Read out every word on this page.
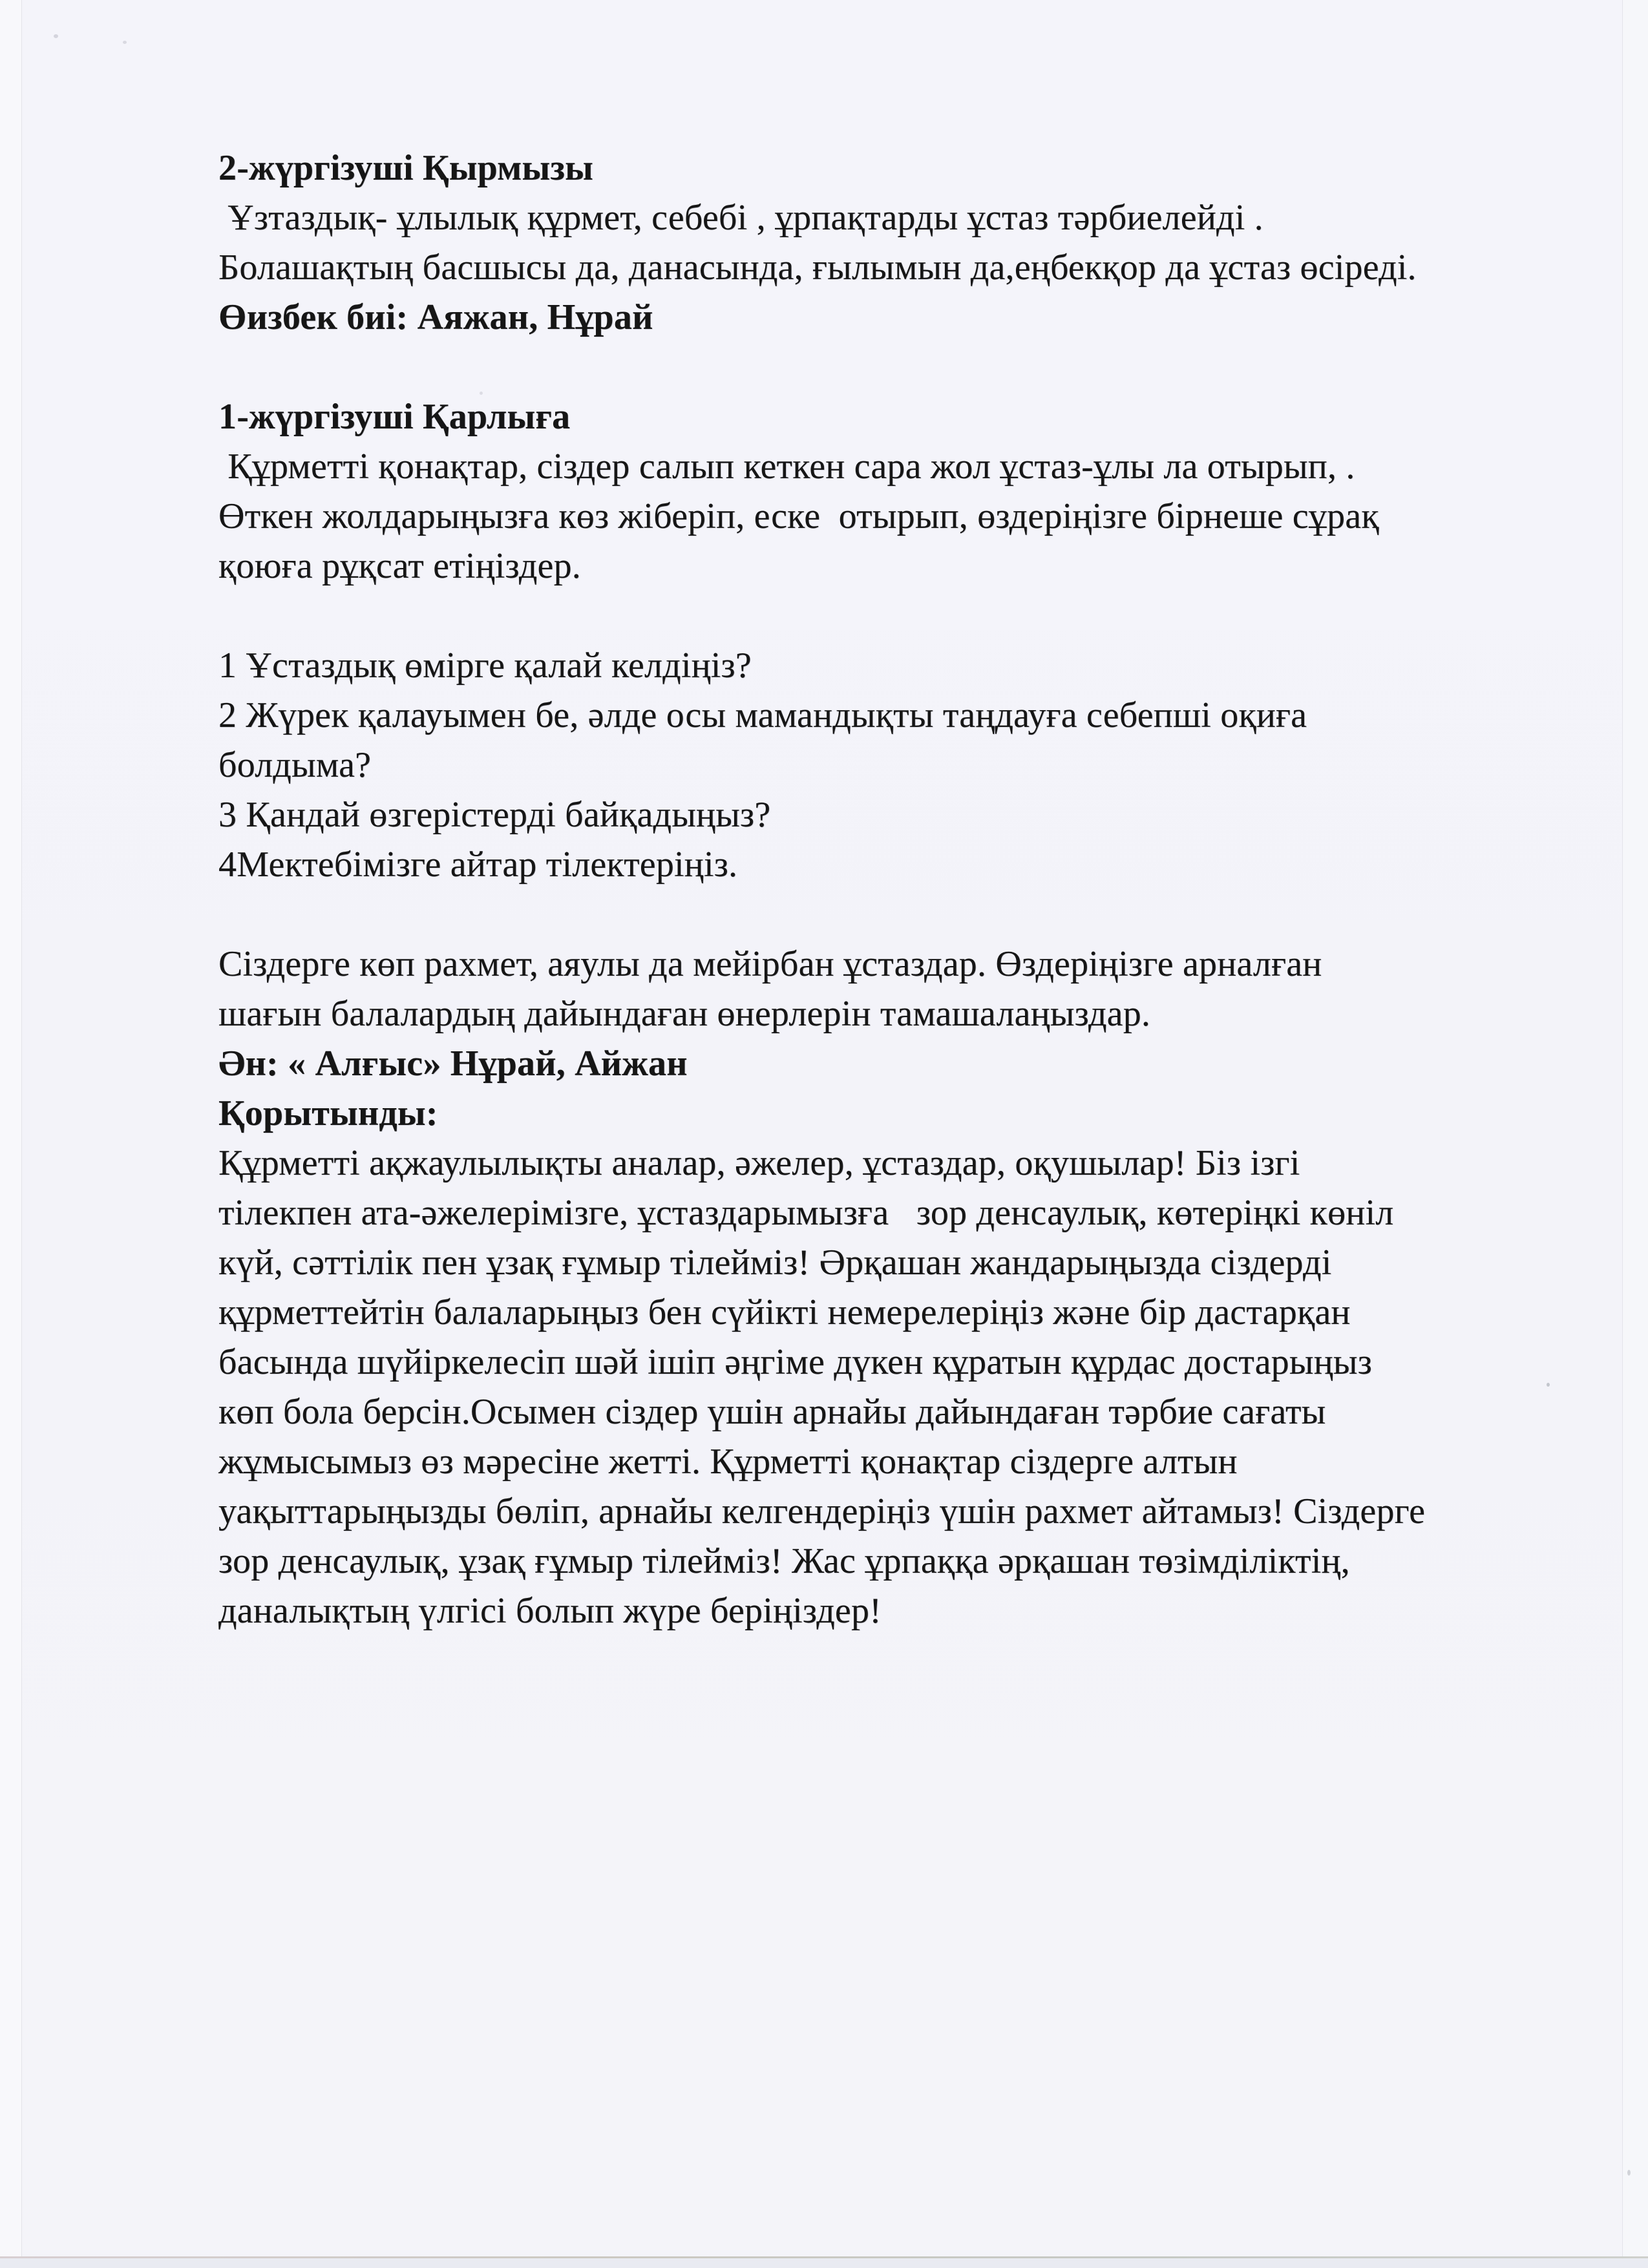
2-жүргізуші Қырмызы
Ұзтаздық- ұлылық құрмет, себебі , ұрпақтарды ұстаз тәрбиелейді .
Болашақтың басшысы да, данасында, ғылымын да,еңбекқор да ұстаз өсіреді.
Өизбек биі: Аяжан, Нұрай
1-жүргізуші Қарлыға
Құрметті қонақтар, сіздер салып кеткен сара жол ұстаз-ұлы ла отырып, .
Өткен жолдарыңызға көз жіберіп, еске  отырып, өздеріңізге бірнеше сұрақ
қоюға рұқсат етіңіздер.
1 Ұстаздық өмірге қалай келдіңіз?
2 Жүрек қалауымен бе, әлде осы мамандықты таңдауға себепші оқиға
болдыма?
3 Қандай өзгерістерді байқадыңыз?
4Мектебімізге айтар тілектеріңіз.
Сіздерге көп рахмет, аяулы да мейірбан ұстаздар. Өздеріңізге арналған
шағын балалардың дайындаған өнерлерін тамашалаңыздар.
Ән: « Алғыс» Нұрай, Айжан
Қорытынды:
Құрметті ақжаулылықты аналар, әжелер, ұстаздар, оқушылар! Біз ізгі
тілекпен ата-әжелерімізге, ұстаздарымызға   зор денсаулық, көтеріңкі көніл
күй, сәттілік пен ұзақ ғұмыр тілейміз! Әрқашан жандарыңызда сіздерді
құрметтейтін балаларыңыз бен сүйікті немерелеріңіз және бір дастарқан
басында шүйіркелесіп шәй ішіп әңгіме дүкен құратын құрдас достарыңыз
көп бола берсін.Осымен сіздер үшін арнайы дайындаған тәрбие сағаты
жұмысымыз өз мәресіне жетті. Құрметті қонақтар сіздерге алтын
уақыттарыңызды бөліп, арнайы келгендеріңіз үшін рахмет айтамыз! Сіздерге
зор денсаулық, ұзақ ғұмыр тілейміз! Жас ұрпаққа әрқашан төзімділіктің,
даналықтың үлгісі болып жүре беріңіздер!
